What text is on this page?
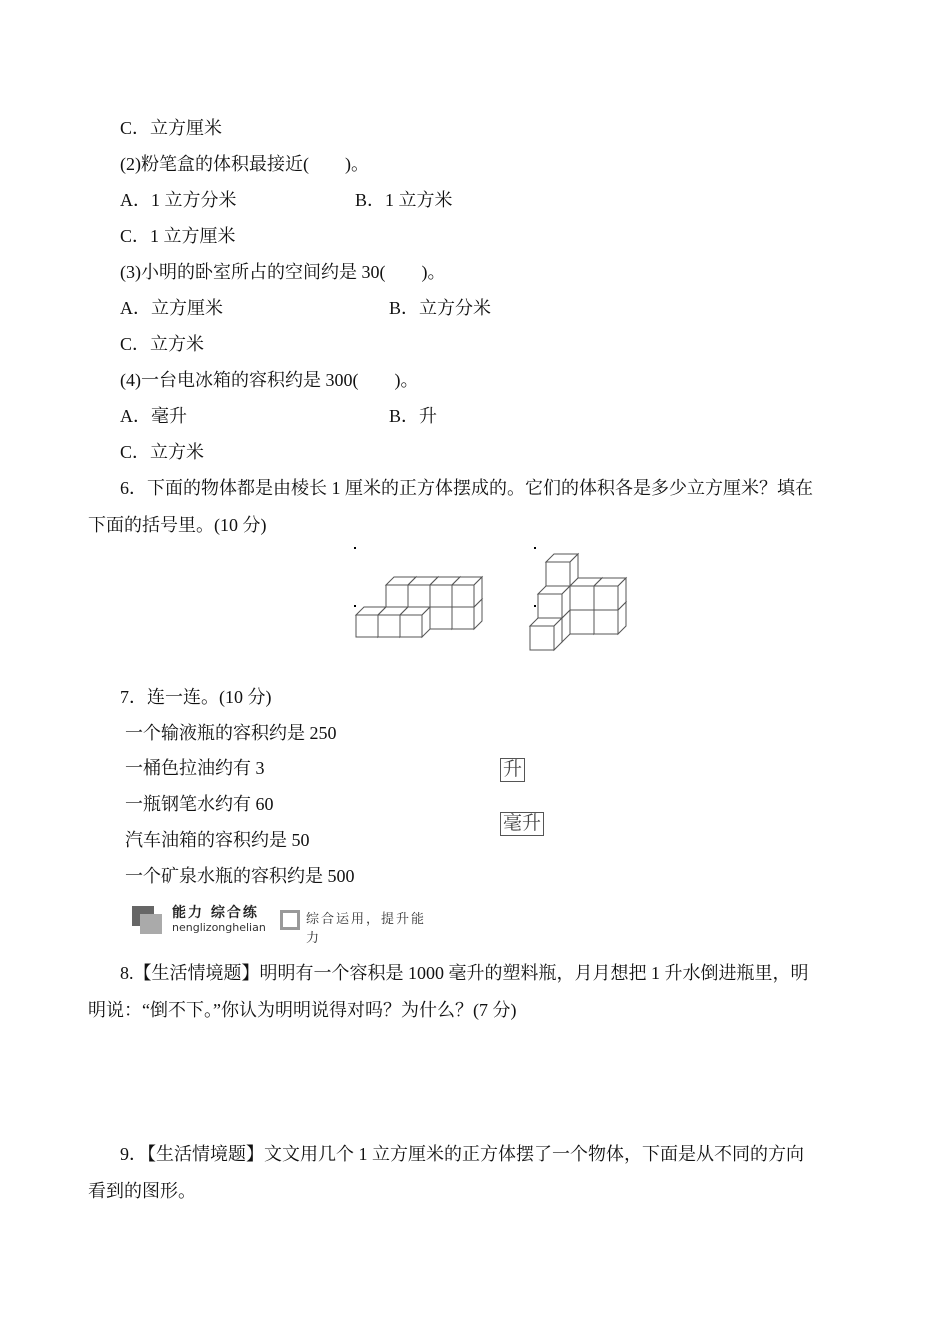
C．立方厘米
(2)粉笔盒的体积最接近(　　)。
A．1 立方分米	B．1 立方米
C．1 立方厘米
(3)小明的卧室所占的空间约是 30(　　)。
A．立方厘米	B．立方分米
C．立方米
(4)一台电冰箱的容积约是 300(　　)。
A．毫升	B．升
C．立方米
6．下面的物体都是由棱长 1 厘米的正方体摆成的。它们的体积各是多少立方厘米？填在
下面的括号里。(10 分)
7．连一连。(10 分)
一个输液瓶的容积约是 250
一桶色拉油约有 3
一瓶钢笔水约有 60
汽车油箱的容积约是 50
一个矿泉水瓶的容积约是 500
升
毫升
能力 综合练
nenglizonghelian
综合运用，提升能力
8.【生活情境题】明明有一个容积是 1000 毫升的塑料瓶，月月想把 1 升水倒进瓶里，明
明说：“倒不下。”你认为明明说得对吗？为什么？(7 分)
9．【生活情境题】文文用几个 1 立方厘米的正方体摆了一个物体，下面是从不同的方向
看到的图形。
